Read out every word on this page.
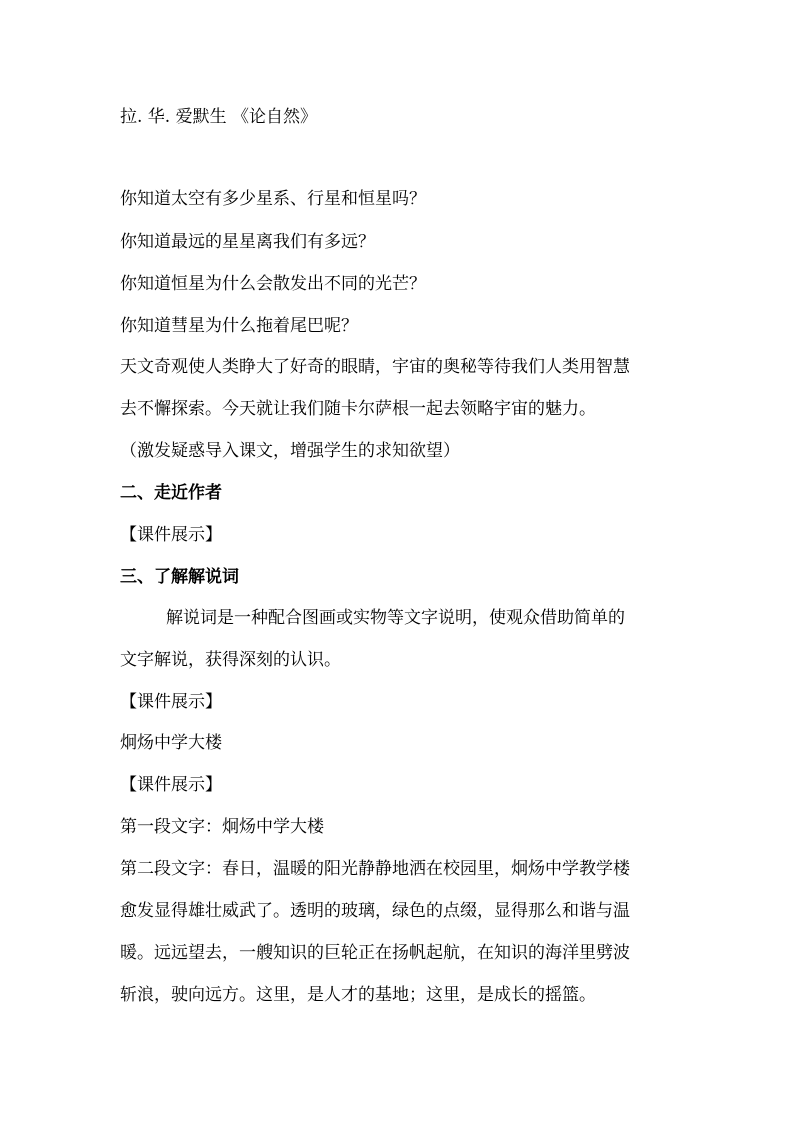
拉. 华. 爱默生 《论自然》
你知道太空有多少星系、行星和恒星吗？
你知道最远的星星离我们有多远？
你知道恒星为什么会散发出不同的光芒？
你知道彗星为什么拖着尾巴呢？
天文奇观使人类睁大了好奇的眼睛，宇宙的奥秘等待我们人类用智慧
去不懈探索。今天就让我们随卡尔萨根一起去领略宇宙的魅力。
（激发疑惑导入课文，增强学生的求知欲望）
二、走近作者
【课件展示】
三、了解解说词
解说词是一种配合图画或实物等文字说明，使观众借助简单的
文字解说，获得深刻的认识。
【课件展示】
炯炀中学大楼
【课件展示】
第一段文字：炯炀中学大楼
第二段文字：春日，温暖的阳光静静地洒在校园里，炯炀中学教学楼
愈发显得雄壮威武了。透明的玻璃，绿色的点缀，显得那么和谐与温
暖。远远望去，一艘知识的巨轮正在扬帆起航，在知识的海洋里劈波
斩浪，驶向远方。这里，是人才的基地；这里，是成长的摇篮。
